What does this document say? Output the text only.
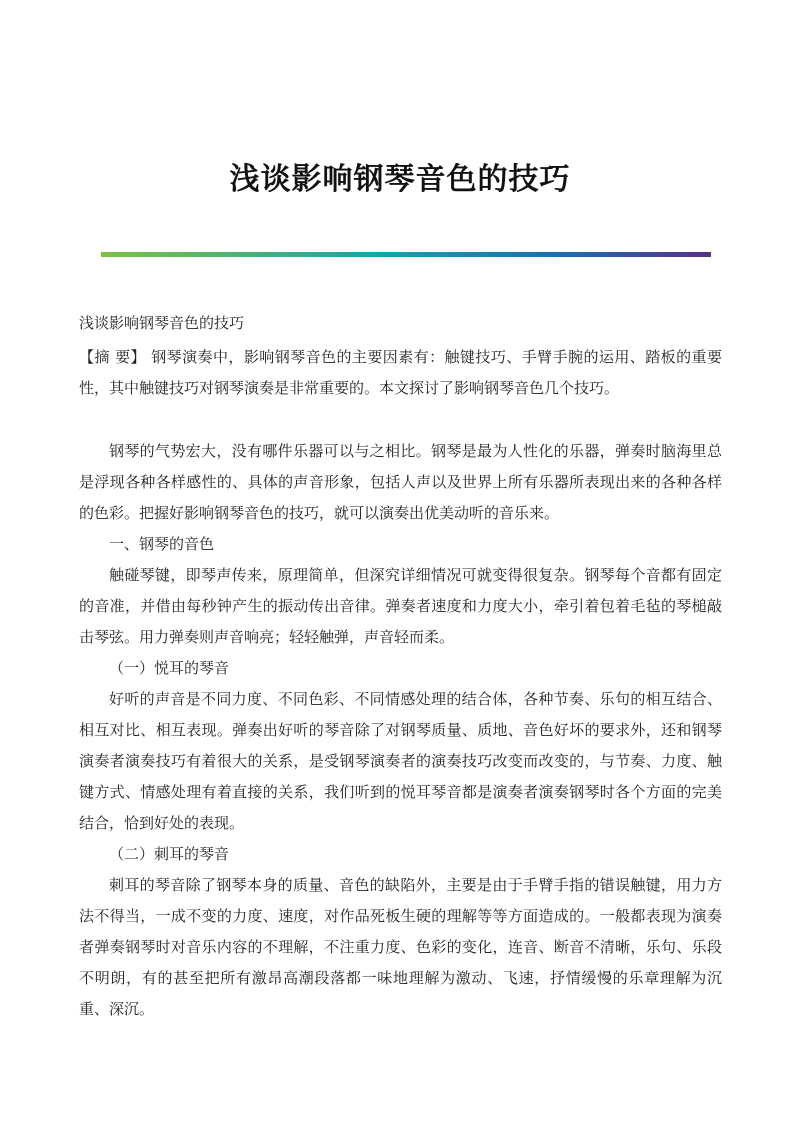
浅谈影响钢琴音色的技巧

浅谈影响钢琴音色的技巧

【摘 要】 钢琴演奏中，影响钢琴音色的主要因素有：触键技巧、手臂手腕的运用、踏板的重要性，其中触键技巧对钢琴演奏是非常重要的。本文探讨了影响钢琴音色几个技巧。

钢琴的气势宏大，没有哪件乐器可以与之相比。钢琴是最为人性化的乐器，弹奏时脑海里总是浮现各种各样感性的、具体的声音形象，包括人声以及世界上所有乐器所表现出来的各种各样的色彩。把握好影响钢琴音色的技巧，就可以演奏出优美动听的音乐来。

一、钢琴的音色

触碰琴键，即琴声传来，原理简单，但深究详细情况可就变得很复杂。钢琴每个音都有固定的音准，并借由每秒钟产生的振动传出音律。弹奏者速度和力度大小，牵引着包着毛毡的琴槌敲击琴弦。用力弹奏则声音响亮；轻轻触弹，声音轻而柔。

（一）悦耳的琴音

好听的声音是不同力度、不同色彩、不同情感处理的结合体，各种节奏、乐句的相互结合、相互对比、相互表现。弹奏出好听的琴音除了对钢琴质量、质地、音色好坏的要求外，还和钢琴演奏者演奏技巧有着很大的关系，是受钢琴演奏者的演奏技巧改变而改变的，与节奏、力度、触键方式、情感处理有着直接的关系，我们听到的悦耳琴音都是演奏者演奏钢琴时各个方面的完美结合，恰到好处的表现。

（二）刺耳的琴音

刺耳的琴音除了钢琴本身的质量、音色的缺陷外，主要是由于手臂手指的错误触键，用力方法不得当，一成不变的力度、速度，对作品死板生硬的理解等等方面造成的。一般都表现为演奏者弹奏钢琴时对音乐内容的不理解，不注重力度、色彩的变化，连音、断音不清晰，乐句、乐段不明朗，有的甚至把所有激昂高潮段落都一味地理解为激动、飞速，抒情缓慢的乐章理解为沉重、深沉。
